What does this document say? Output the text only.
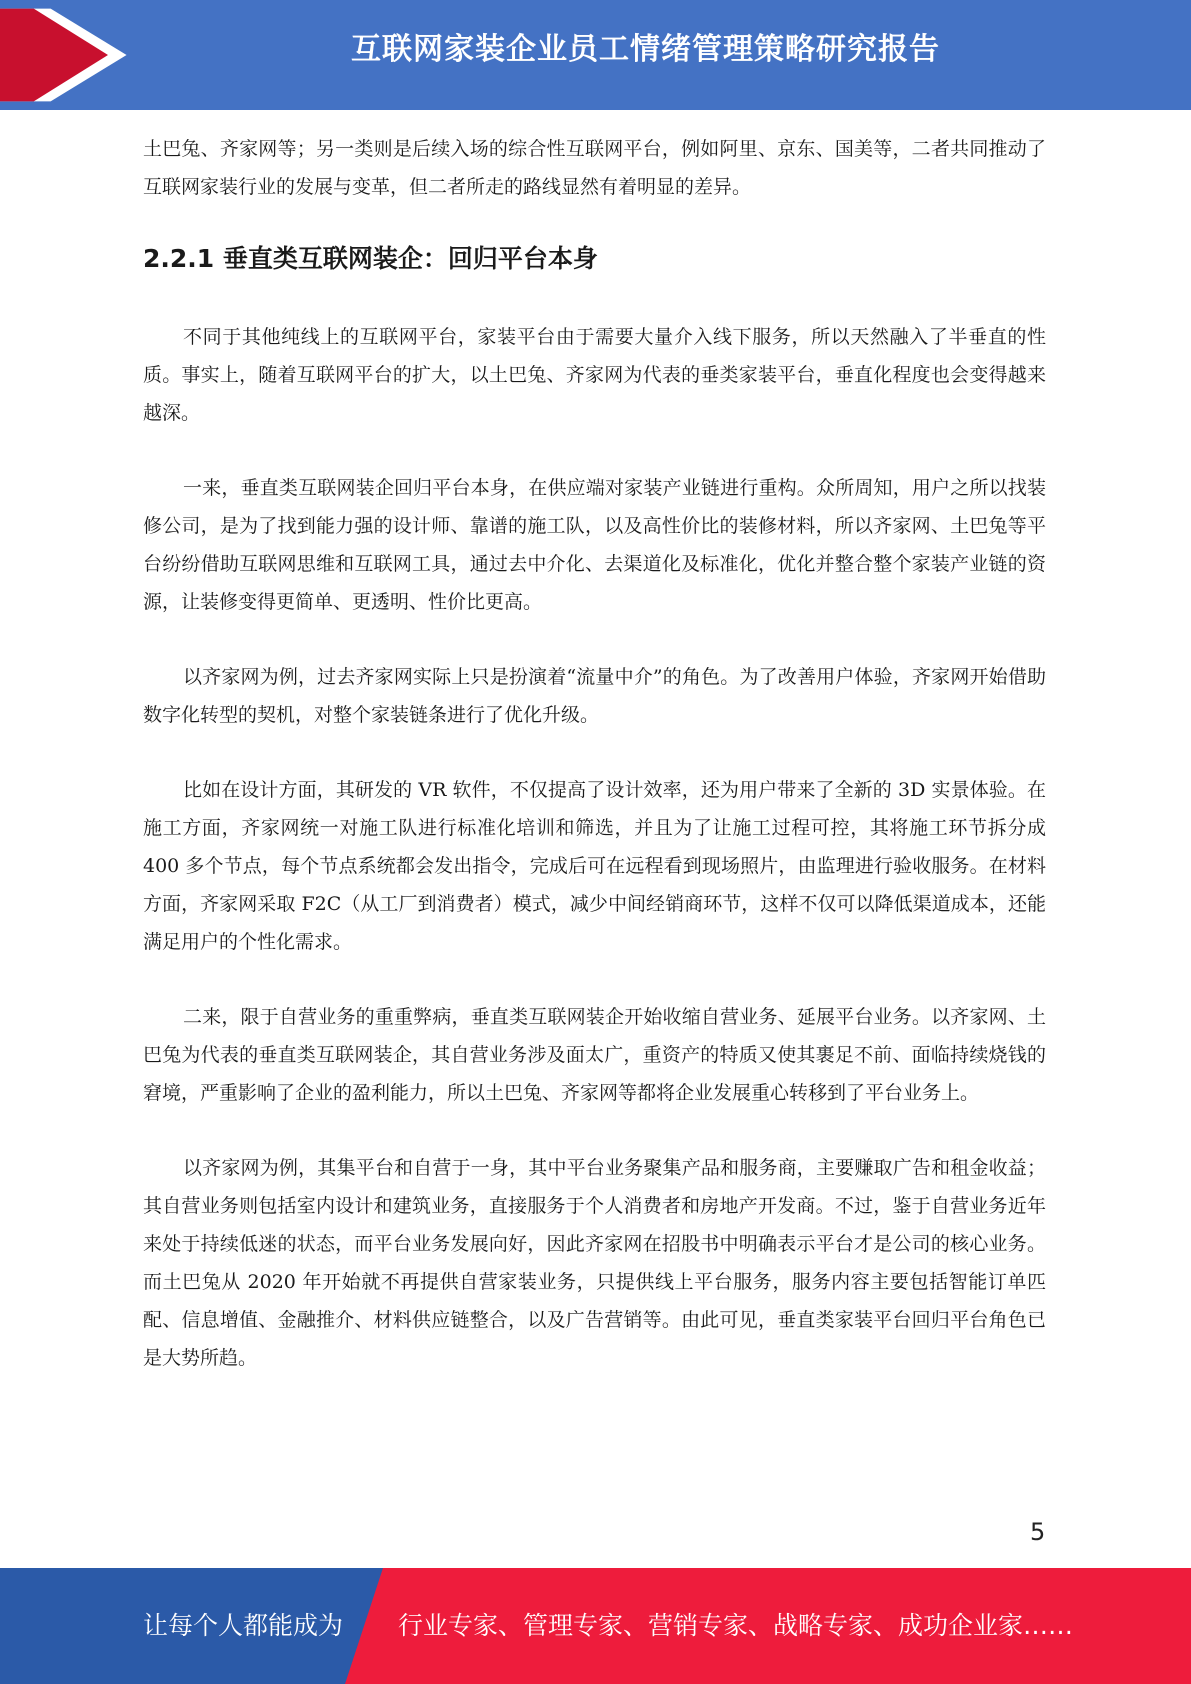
互联网家装企业员工情绪管理策略研究报告

土巴兔、齐家网等；另一类则是后续入场的综合性互联网平台，例如阿里、京东、国美等，二者共同推动了互联网家装行业的发展与变革，但二者所走的路线显然有着明显的差异。

2.2.1 垂直类互联网装企：回归平台本身

不同于其他纯线上的互联网平台，家装平台由于需要大量介入线下服务，所以天然融入了半垂直的性质。事实上，随着互联网平台的扩大，以土巴兔、齐家网为代表的垂类家装平台，垂直化程度也会变得越来越深。

一来，垂直类互联网装企回归平台本身，在供应端对家装产业链进行重构。众所周知，用户之所以找装修公司，是为了找到能力强的设计师、靠谱的施工队，以及高性价比的装修材料，所以齐家网、土巴兔等平台纷纷借助互联网思维和互联网工具，通过去中介化、去渠道化及标准化，优化并整合整个家装产业链的资源，让装修变得更简单、更透明、性价比更高。

以齐家网为例，过去齐家网实际上只是扮演着“流量中介”的角色。为了改善用户体验，齐家网开始借助数字化转型的契机，对整个家装链条进行了优化升级。

比如在设计方面，其研发的 VR 软件，不仅提高了设计效率，还为用户带来了全新的 3D 实景体验。在施工方面，齐家网统一对施工队进行标准化培训和筛选，并且为了让施工过程可控，其将施工环节拆分成 400 多个节点，每个节点系统都会发出指令，完成后可在远程看到现场照片，由监理进行验收服务。在材料方面，齐家网采取 F2C（从工厂到消费者）模式，减少中间经销商环节，这样不仅可以降低渠道成本，还能满足用户的个性化需求。

二来，限于自营业务的重重弊病，垂直类互联网装企开始收缩自营业务、延展平台业务。以齐家网、土巴兔为代表的垂直类互联网装企，其自营业务涉及面太广，重资产的特质又使其裹足不前、面临持续烧钱的窘境，严重影响了企业的盈利能力，所以土巴兔、齐家网等都将企业发展重心转移到了平台业务上。

以齐家网为例，其集平台和自营于一身，其中平台业务聚集产品和服务商，主要赚取广告和租金收益；其自营业务则包括室内设计和建筑业务，直接服务于个人消费者和房地产开发商。不过，鉴于自营业务近年来处于持续低迷的状态，而平台业务发展向好，因此齐家网在招股书中明确表示平台才是公司的核心业务。而土巴兔从 2020 年开始就不再提供自营家装业务，只提供线上平台服务，服务内容主要包括智能订单匹配、信息增值、金融推介、材料供应链整合，以及广告营销等。由此可见，垂直类家装平台回归平台角色已是大势所趋。

5
让每个人都能成为 行业专家、管理专家、营销专家、战略专家、成功企业家……
